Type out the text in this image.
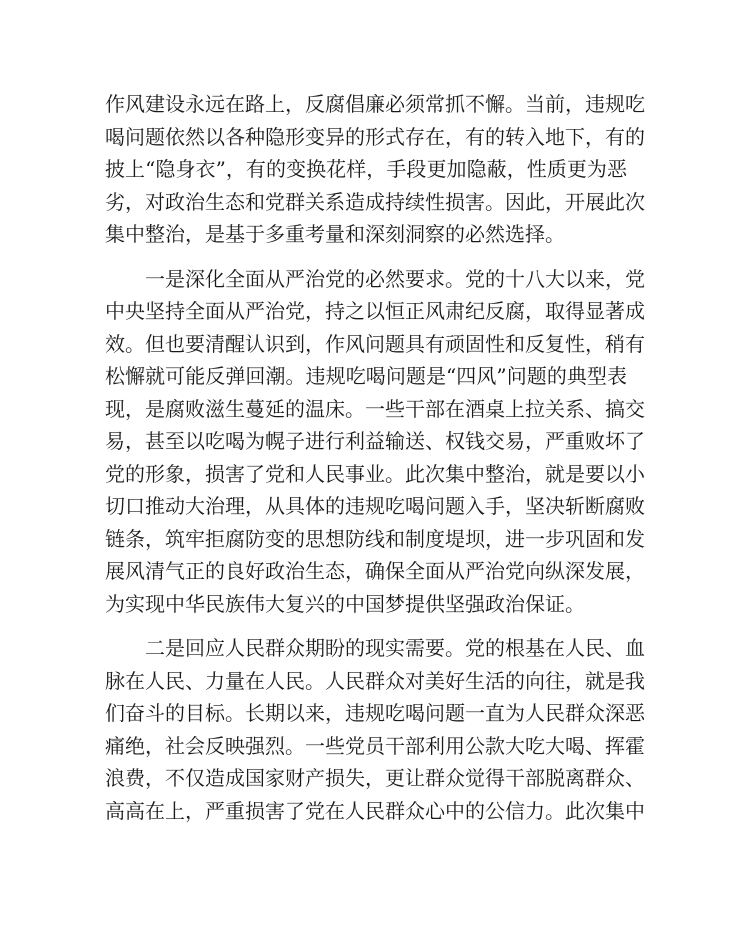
作风建设永远在路上，反腐倡廉必须常抓不懈。当前，违规吃
喝问题依然以各种隐形变异的形式存在，有的转入地下，有的
披上“隐身衣”，有的变换花样，手段更加隐蔽，性质更为恶
劣，对政治生态和党群关系造成持续性损害。因此，开展此次
集中整治，是基于多重考量和深刻洞察的必然选择。
一是深化全面从严治党的必然要求。党的十八大以来，党
中央坚持全面从严治党，持之以恒正风肃纪反腐，取得显著成
效。但也要清醒认识到，作风问题具有顽固性和反复性，稍有
松懈就可能反弹回潮。违规吃喝问题是“四风”问题的典型表
现，是腐败滋生蔓延的温床。一些干部在酒桌上拉关系、搞交
易，甚至以吃喝为幌子进行利益输送、权钱交易，严重败坏了
党的形象，损害了党和人民事业。此次集中整治，就是要以小
切口推动大治理，从具体的违规吃喝问题入手，坚决斩断腐败
链条，筑牢拒腐防变的思想防线和制度堤坝，进一步巩固和发
展风清气正的良好政治生态，确保全面从严治党向纵深发展，
为实现中华民族伟大复兴的中国梦提供坚强政治保证。
二是回应人民群众期盼的现实需要。党的根基在人民、血
脉在人民、力量在人民。人民群众对美好生活的向往，就是我
们奋斗的目标。长期以来，违规吃喝问题一直为人民群众深恶
痛绝，社会反映强烈。一些党员干部利用公款大吃大喝、挥霍
浪费，不仅造成国家财产损失，更让群众觉得干部脱离群众、
高高在上，严重损害了党在人民群众心中的公信力。此次集中
